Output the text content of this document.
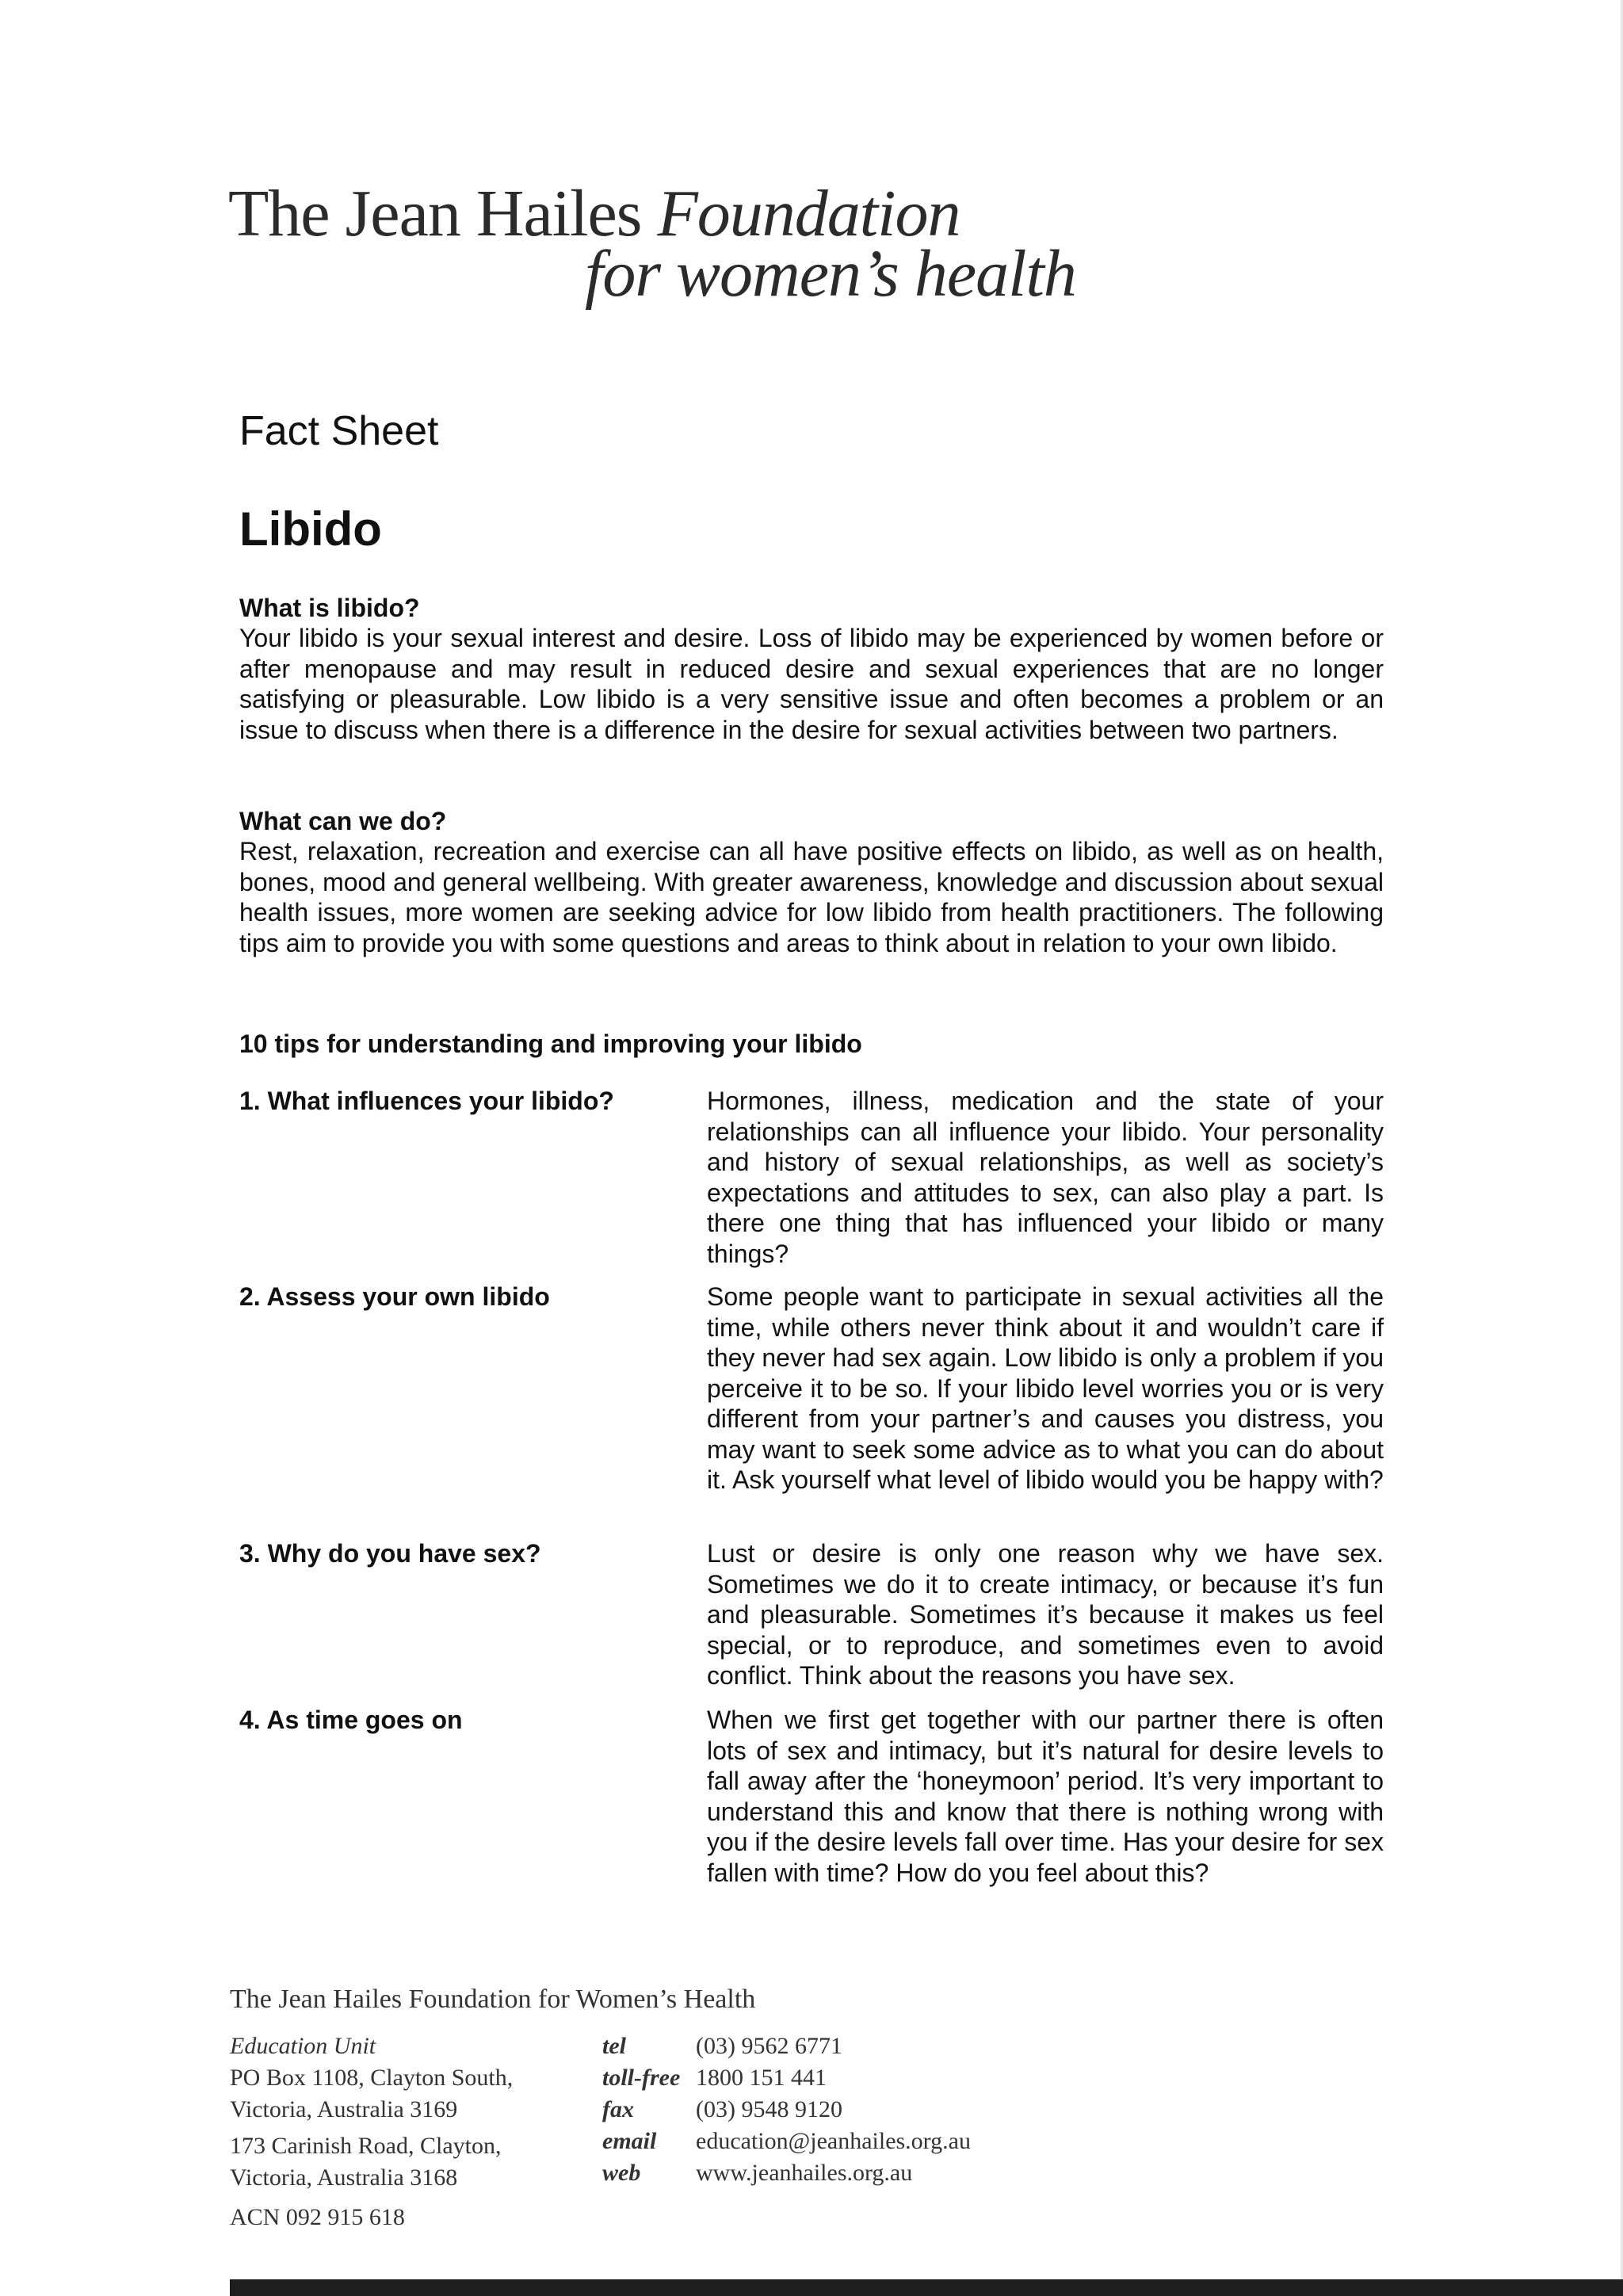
The Jean Hailes Foundation
for women’s health
Fact Sheet
Libido

What is libido?

Your libido is your sexual interest and desire. Loss of libido may be experienced by women before or after menopause and may result in reduced desire and sexual experiences that are no longer satisfying or pleasurable. Low libido is a very sensitive issue and often becomes a problem or an issue to discuss when there is a difference in the desire for sexual activities between two partners.

What can we do?

Rest, relaxation, recreation and exercise can all have positive effects on libido, as well as on health, bones, mood and general wellbeing. With greater awareness, knowledge and discussion about sexual health issues, more women are seeking advice for low libido from health practitioners. The following tips aim to provide you with some questions and areas to think about in relation to your own libido.

10 tips for understanding and improving your libido
1. What influences your libido?	Hormones, illness, medication and the state of your relationships can all influence your libido. Your personality and history of sexual relationships, as well as society’s expectations and attitudes to sex, can also play a part. Is there one thing that has influenced your libido or many things?
2. Assess your own libido	Some people want to participate in sexual activities all the time, while others never think about it and wouldn’t care if they never had sex again. Low libido is only a problem if you perceive it to be so. If your libido level worries you or is very different from your partner’s and causes you distress, you may want to seek some advice as to what you can do about it. Ask yourself what level of libido would you be happy with?
3. Why do you have sex?	Lust or desire is only one reason why we have sex. Sometimes we do it to create intimacy, or because it’s fun and pleasurable. Sometimes it’s because it makes us feel special, or to reproduce, and sometimes even to avoid conflict. Think about the reasons you have sex.
4. As time goes on	When we first get together with our partner there is often lots of sex and intimacy, but it’s natural for desire levels to fall away after the ‘honeymoon’ period. It’s very important to understand this and know that there is nothing wrong with you if the desire levels fall over time. Has your desire for sex fallen with time? How do you feel about this?
The Jean Hailes Foundation for Women’s Health
Education Unit
PO Box 1108, Clayton South,
Victoria, Australia 3169
173 Carinish Road, Clayton,
Victoria, Australia 3168
ACN 092 915 618
tel	(03) 9562 6771
toll-free 1800 151 441
fax	(03) 9548 9120
email	education@jeanhailes.org.au
web	www.jeanhailes.org.au
